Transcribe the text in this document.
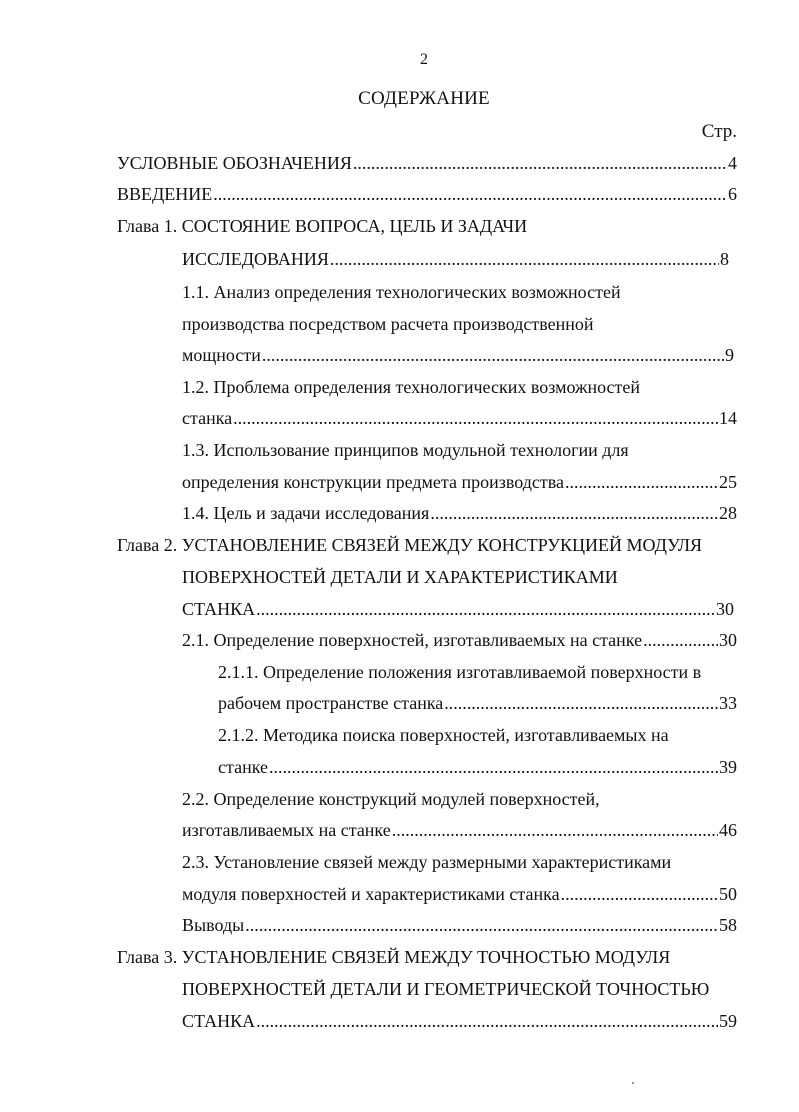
2
СОДЕРЖАНИЕ
Стр.
УСЛОВНЫЕ ОБОЗНАЧЕНИЯ .....	4
ВВЕДЕНИЕ .....	6
Глава 1. СОСТОЯНИЕ ВОПРОСА, ЦЕЛЬ И ЗАДАЧИ
ИССЛЕДОВАНИЯ .....	8
1.1. Анализ определения технологических возможностей
производства посредством расчета производственной
мощности .....	9
1.2. Проблема определения технологических возможностей
станка .....	14
1.3. Использование принципов модульной технологии для
определения конструкции предмета производства .....	25
1.4. Цель и задачи исследования .....	28
Глава 2. УСТАНОВЛЕНИЕ СВЯЗЕЙ МЕЖДУ КОНСТРУКЦИЕЙ МОДУЛЯ
ПОВЕРХНОСТЕЙ ДЕТАЛИ И ХАРАКТЕРИСТИКАМИ
СТАНКА .....	30
2.1. Определение поверхностей, изготавливаемых на станке .....	30
2.1.1. Определение положения изготавливаемой поверхности в
рабочем пространстве станка .....	33
2.1.2. Методика поиска поверхностей, изготавливаемых на
станке .....	39
2.2. Определение конструкций модулей поверхностей,
изготавливаемых на станке .....	46
2.3. Установление связей между размерными характеристиками
модуля поверхностей и характеристиками станка .....	50
Выводы .....	58
Глава 3. УСТАНОВЛЕНИЕ СВЯЗЕЙ МЕЖДУ ТОЧНОСТЬЮ МОДУЛЯ
ПОВЕРХНОСТЕЙ ДЕТАЛИ И ГЕОМЕТРИЧЕСКОЙ ТОЧНОСТЬЮ
СТАНКА .....	59
